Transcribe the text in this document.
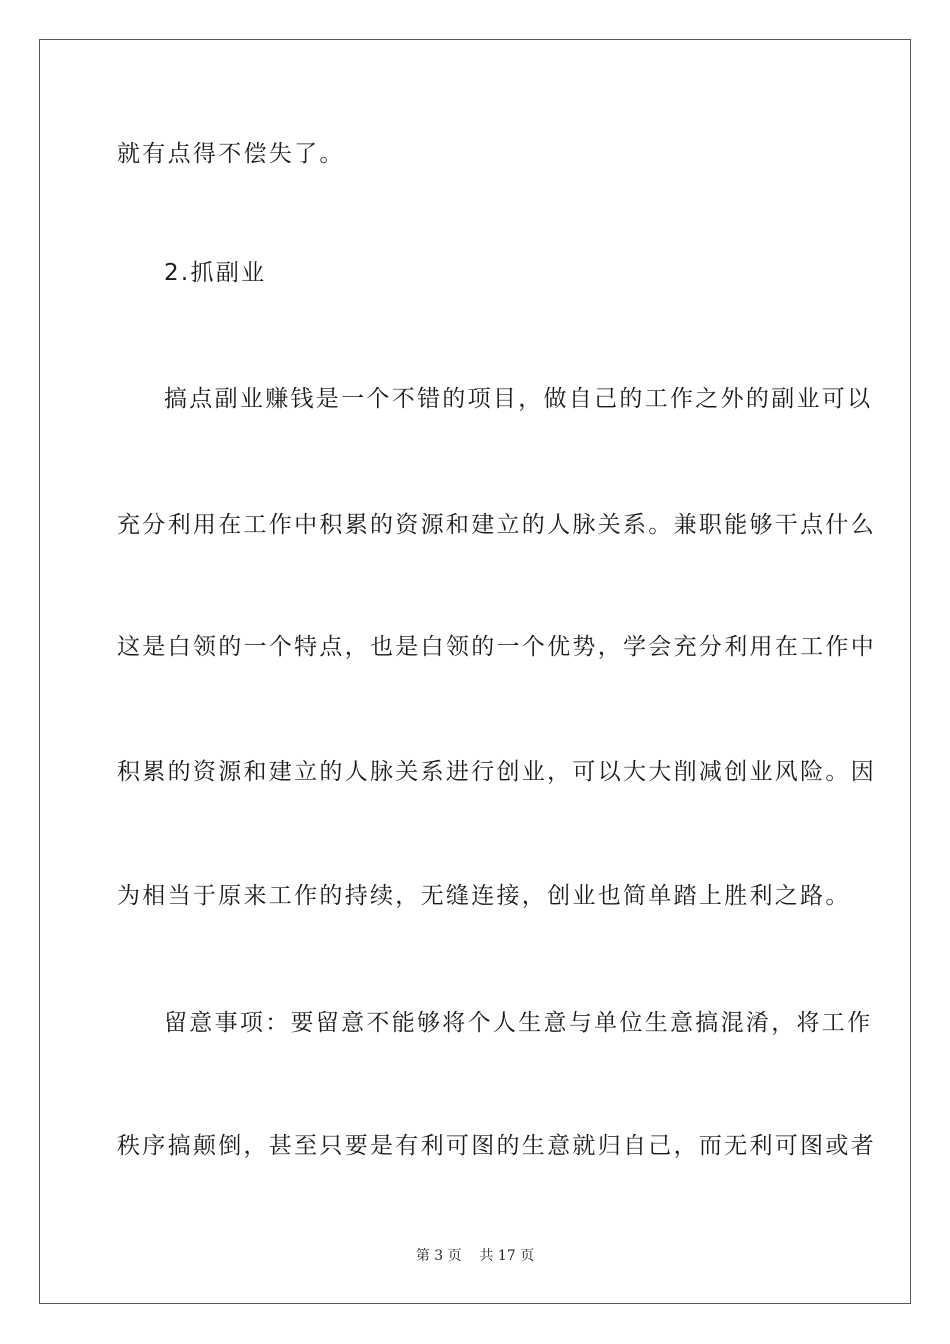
就有点得不偿失了。
2.抓副业
搞点副业赚钱是一个不错的项目，做自己的工作之外的副业可以
充分利用在工作中积累的资源和建立的人脉关系。兼职能够干点什么
这是白领的一个特点，也是白领的一个优势，学会充分利用在工作中
积累的资源和建立的人脉关系进行创业，可以大大削减创业风险。因
为相当于原来工作的持续，无缝连接，创业也简单踏上胜利之路。
留意事项：要留意不能够将个人生意与单位生意搞混淆，将工作
秩序搞颠倒，甚至只要是有利可图的生意就归自己，而无利可图或者
第 3 页    共 17 页
